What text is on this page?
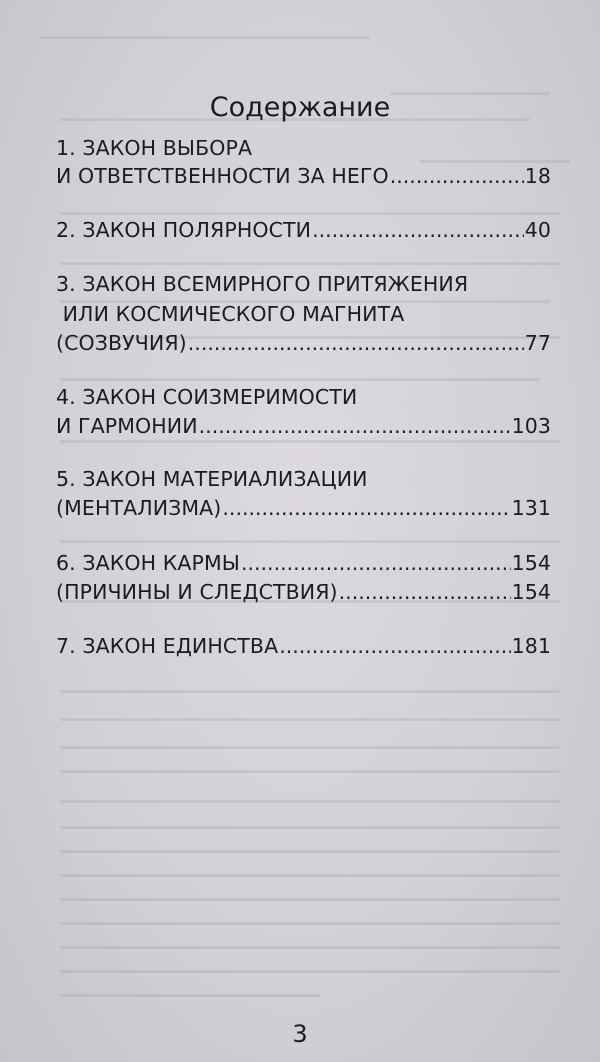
Содержание
1. ЗАКОН ВЫБОРА
И ОТВЕТСТВЕННОСТИ ЗА НЕГО .....	18
2. ЗАКОН ПОЛЯРНОСТИ .....	40
3. ЗАКОН ВСЕМИРНОГО ПРИТЯЖЕНИЯ
ИЛИ КОСМИЧЕСКОГО МАГНИТА
(СОЗВУЧИЯ) .....	77
4. ЗАКОН СОИЗМЕРИМОСТИ
И ГАРМОНИИ .....	103
5. ЗАКОН МАТЕРИАЛИЗАЦИИ
(МЕНТАЛИЗМА) .....	131
6. ЗАКОН КАРМЫ .....	154
(ПРИЧИНЫ И СЛЕДСТВИЯ) .....	154
7. ЗАКОН ЕДИНСТВА .....	181
3
